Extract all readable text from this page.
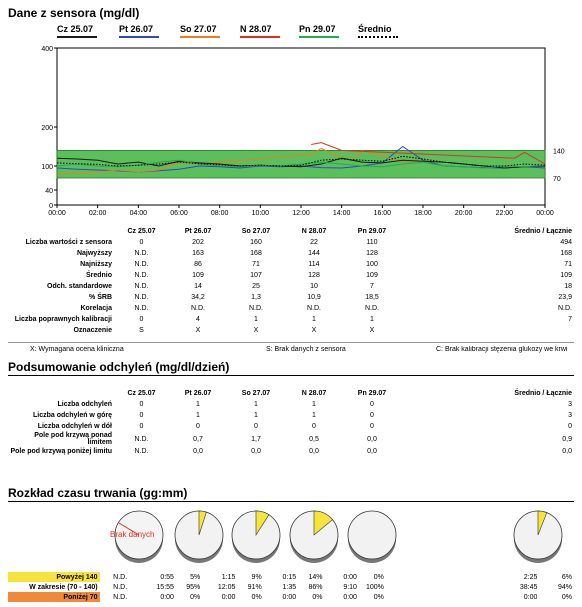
Dane z sensora (mg/dl)
Cz 25.07	Pt 26.07	So 27.07	N 28.07	Pn 29.07 Średnio
140
70
400
200
100
40
0
00:00	02:00	04:00	06:00	08:00	10:00	12:00	14:00	16:00	18:00	20:00	22:00	00:00
	Cz 25.07	Pt 26.07	So 27.07	N 28.07	Pn 29.07	Średnio / Łącznie
Liczba wartości z sensora	0	202	160	22	110	494
Najwyższy	N.D.	163	168	144	128	168
Najniższy	N.D.	86	71	114	100	71
Średnio	N.D.	109	107	128	109	109
Odch. standardowe	N.D.	14	25	10	7	18
% ŚRB	N.D.	34,2	1,3	10,9	18,5	23,9
Korelacja	N.D.	N.D.	N.D.	N.D.	N.D.	N.D.
Liczba poprawnych kalibracji	0	4	1	1	1	7
Oznaczenie	S	X	X	X	X	
X: Wymagana ocena kliniczna	S: Brak danych z sensora	C: Brak kalibracji stężenia glukozy we krwi
Podsumowanie odchyleń (mg/dl/dzień)
	Cz 25.07	Pt 26.07	So 27.07	N 28.07	Pn 29.07	Średnio / Łącznie
Liczba odchyleń	0	1	1	1	0	3
Liczba odchyleń w górę	0	1	1	1	0	3
Liczba odchyleń w dół	0	0	0	0	0	0
Pole pod krzywą ponad limitem	N.D.	0,7	1,7	0,5	0,0	0,9
Pole pod krzywą poniżej limitu	N.D.	0,0	0,0	0,0	0,0	0,0
Rozkład czasu trwania (gg:mm)
Brak danych
Powyżej 140	N.D.	0:55	5%	1:15	9%	0:15	14%	0:00	0%		2:25	6%
W zakresie (70 - 140)	N.D.	15:55	95%	12:05	91%	1:35	86%	9:10	100%		38:45	94%
Poniżej 70	N.D.	0:00	0%	0:00	0%	0:00	0%	0:00	0%		0:00	0%
